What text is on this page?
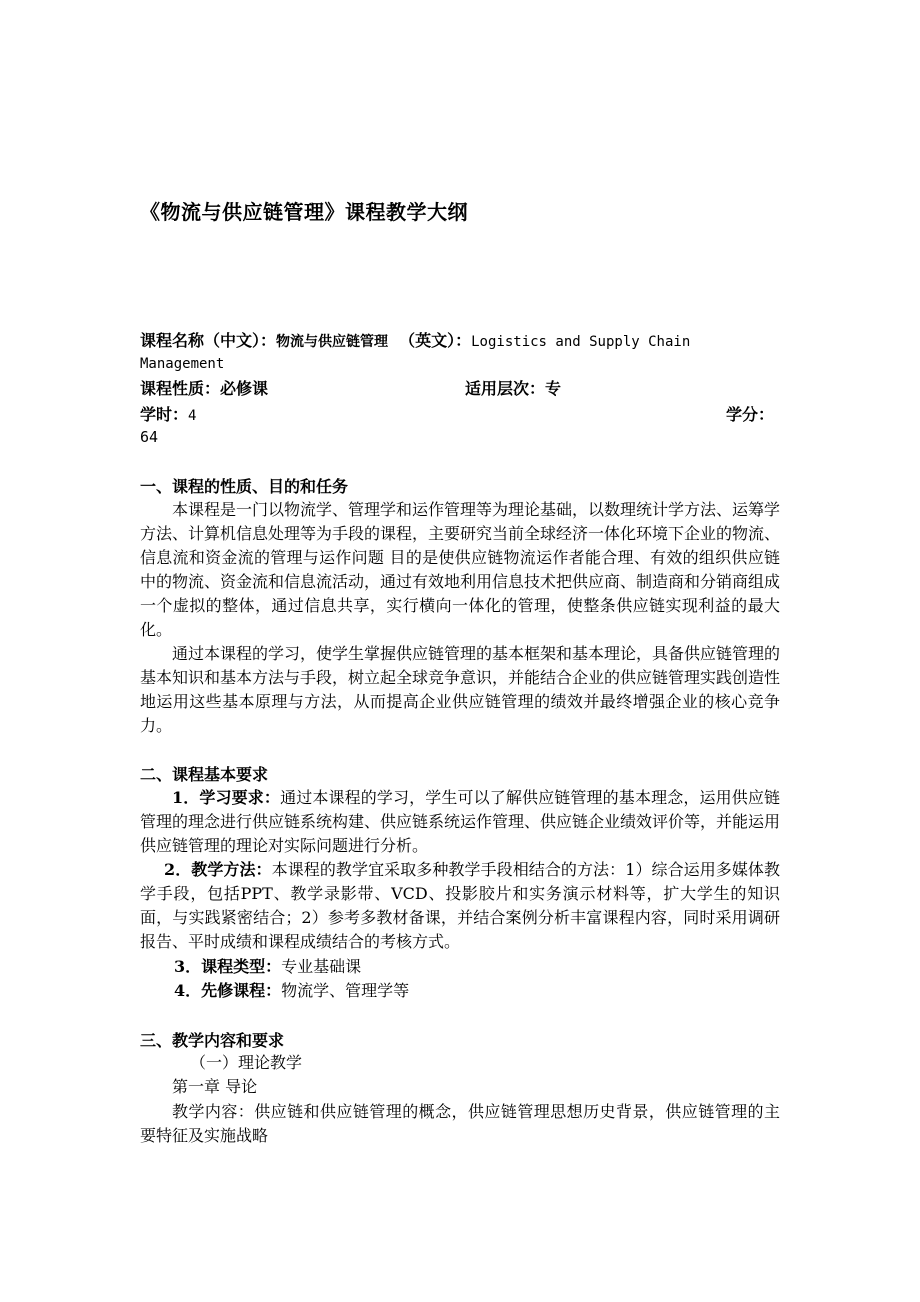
《物流与供应链管理》课程教学大纲
课程名称（中文）：物流与供应链管理 （英文）：Logistics and Supply Chain
Management
课程性质：必修课	适用层次：专
学时：4	学分：
64
一、课程的性质、目的和任务
本课程是一门以物流学、管理学和运作管理等为理论基础，以数理统计学方法、运筹学方法、计算机信息处理等为手段的课程，主要研究当前全球经济一体化环境下企业的物流、信息流和资金流的管理与运作问题 目的是使供应链物流运作者能合理、有效的组织供应链中的物流、资金流和信息流活动，通过有效地利用信息技术把供应商、制造商和分销商组成一个虚拟的整体，通过信息共享，实行横向一体化的管理，使整条供应链实现利益的最大化。
通过本课程的学习，使学生掌握供应链管理的基本框架和基本理论，具备供应链管理的基本知识和基本方法与手段，树立起全球竞争意识，并能结合企业的供应链管理实践创造性地运用这些基本原理与方法，从而提高企业供应链管理的绩效并最终增强企业的核心竞争力。
二、课程基本要求
1．学习要求：通过本课程的学习，学生可以了解供应链管理的基本理念，运用供应链管理的理念进行供应链系统构建、供应链系统运作管理、供应链企业绩效评价等，并能运用供应链管理的理论对实际问题进行分析。
2．教学方法：本课程的教学宜采取多种教学手段相结合的方法：1）综合运用多媒体教学手段，包括PPT、教学录影带、VCD、投影胶片和实务演示材料等，扩大学生的知识面，与实践紧密结合；2）参考多教材备课，并结合案例分析丰富课程内容，同时采用调研报告、平时成绩和课程成绩结合的考核方式。
3．课程类型：专业基础课
4．先修课程：物流学、管理学等
三、教学内容和要求
（一）理论教学
第一章 导论
教学内容：供应链和供应链管理的概念，供应链管理思想历史背景，供应链管理的主要特征及实施战略
